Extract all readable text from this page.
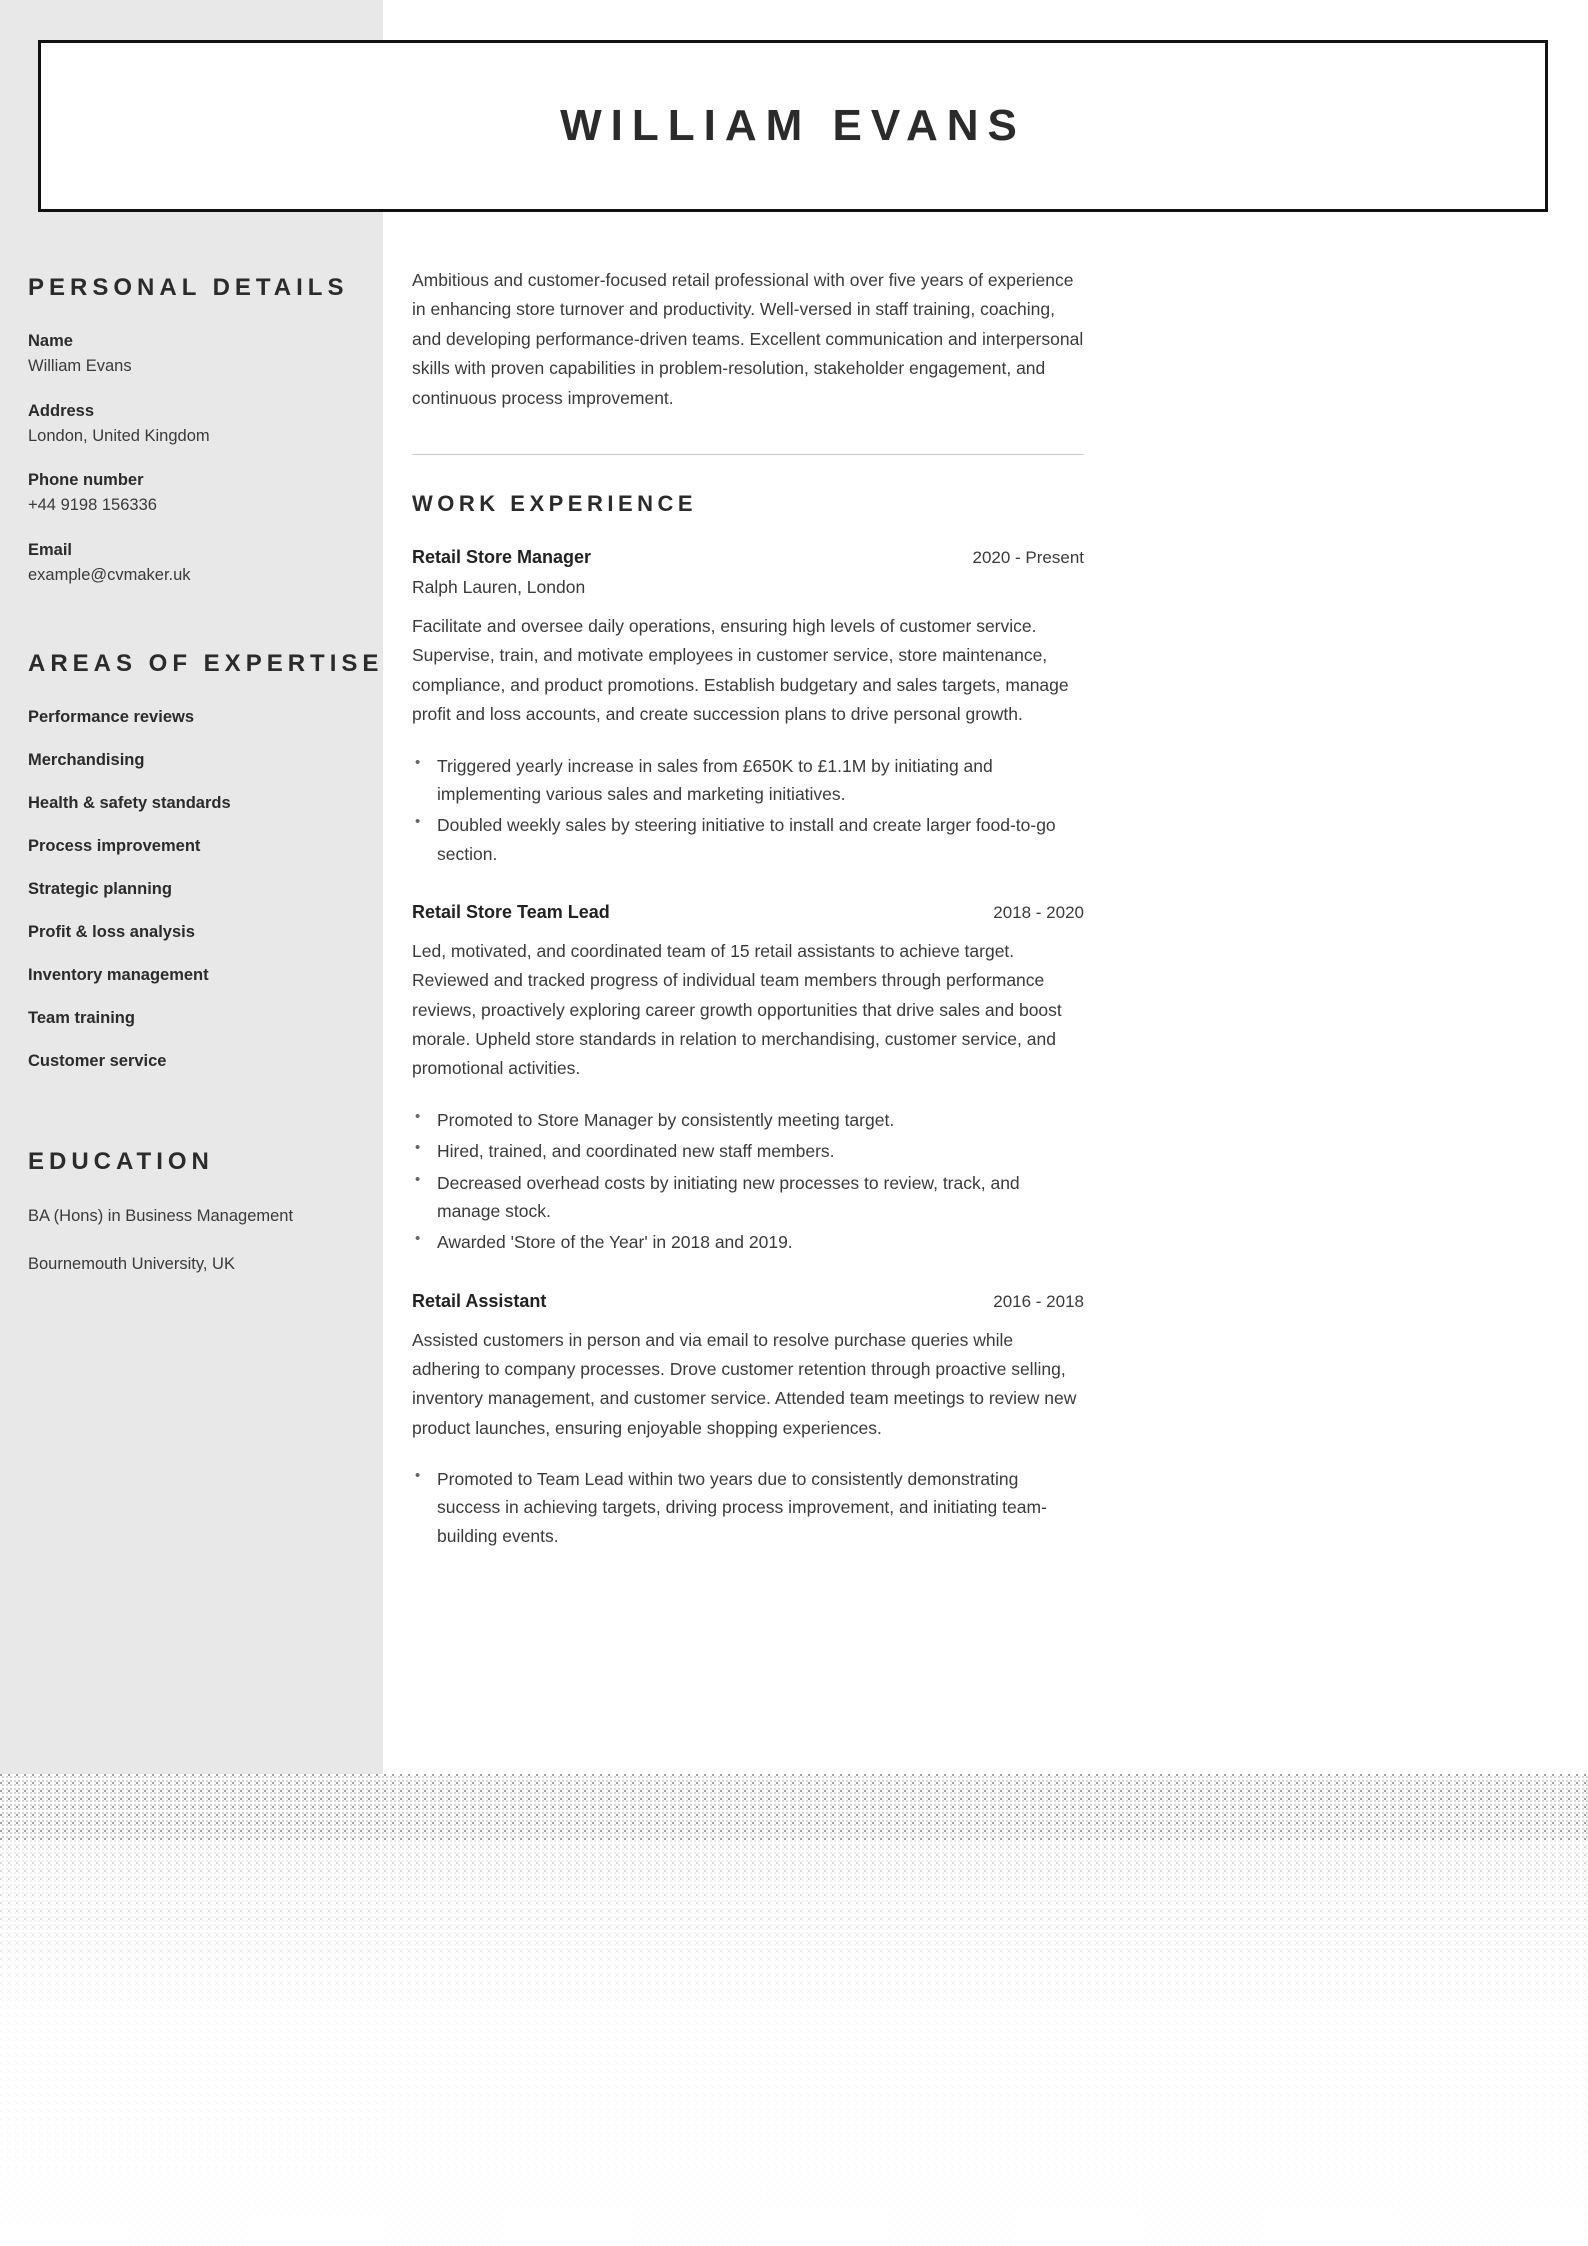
WILLIAM EVANS
PERSONAL DETAILS
Name
William Evans
Address
London, United Kingdom
Phone number
+44 9198 156336
Email
example@cvmaker.uk
AREAS OF EXPERTISE
Performance reviews
Merchandising
Health & safety standards
Process improvement
Strategic planning
Profit & loss analysis
Inventory management
Team training
Customer service
EDUCATION
BA (Hons) in Business Management
Bournemouth University, UK
Ambitious and customer-focused retail professional with over five years of experience in enhancing store turnover and productivity. Well-versed in staff training, coaching, and developing performance-driven teams. Excellent communication and interpersonal skills with proven capabilities in problem-resolution, stakeholder engagement, and continuous process improvement.
WORK EXPERIENCE
Retail Store Manager	2020 - Present
Ralph Lauren, London
Facilitate and oversee daily operations, ensuring high levels of customer service. Supervise, train, and motivate employees in customer service, store maintenance, compliance, and product promotions. Establish budgetary and sales targets, manage profit and loss accounts, and create succession plans to drive personal growth.
• Triggered yearly increase in sales from £650K to £1.1M by initiating and implementing various sales and marketing initiatives.
• Doubled weekly sales by steering initiative to install and create larger food-to-go section.
Retail Store Team Lead	2018 - 2020
Led, motivated, and coordinated team of 15 retail assistants to achieve target. Reviewed and tracked progress of individual team members through performance reviews, proactively exploring career growth opportunities that drive sales and boost morale. Upheld store standards in relation to merchandising, customer service, and promotional activities.
• Promoted to Store Manager by consistently meeting target.
• Hired, trained, and coordinated new staff members.
• Decreased overhead costs by initiating new processes to review, track, and manage stock.
• Awarded 'Store of the Year' in 2018 and 2019.
Retail Assistant	2016 - 2018
Assisted customers in person and via email to resolve purchase queries while adhering to company processes. Drove customer retention through proactive selling, inventory management, and customer service. Attended team meetings to review new product launches, ensuring enjoyable shopping experiences.
• Promoted to Team Lead within two years due to consistently demonstrating success in achieving targets, driving process improvement, and initiating team-building events.
